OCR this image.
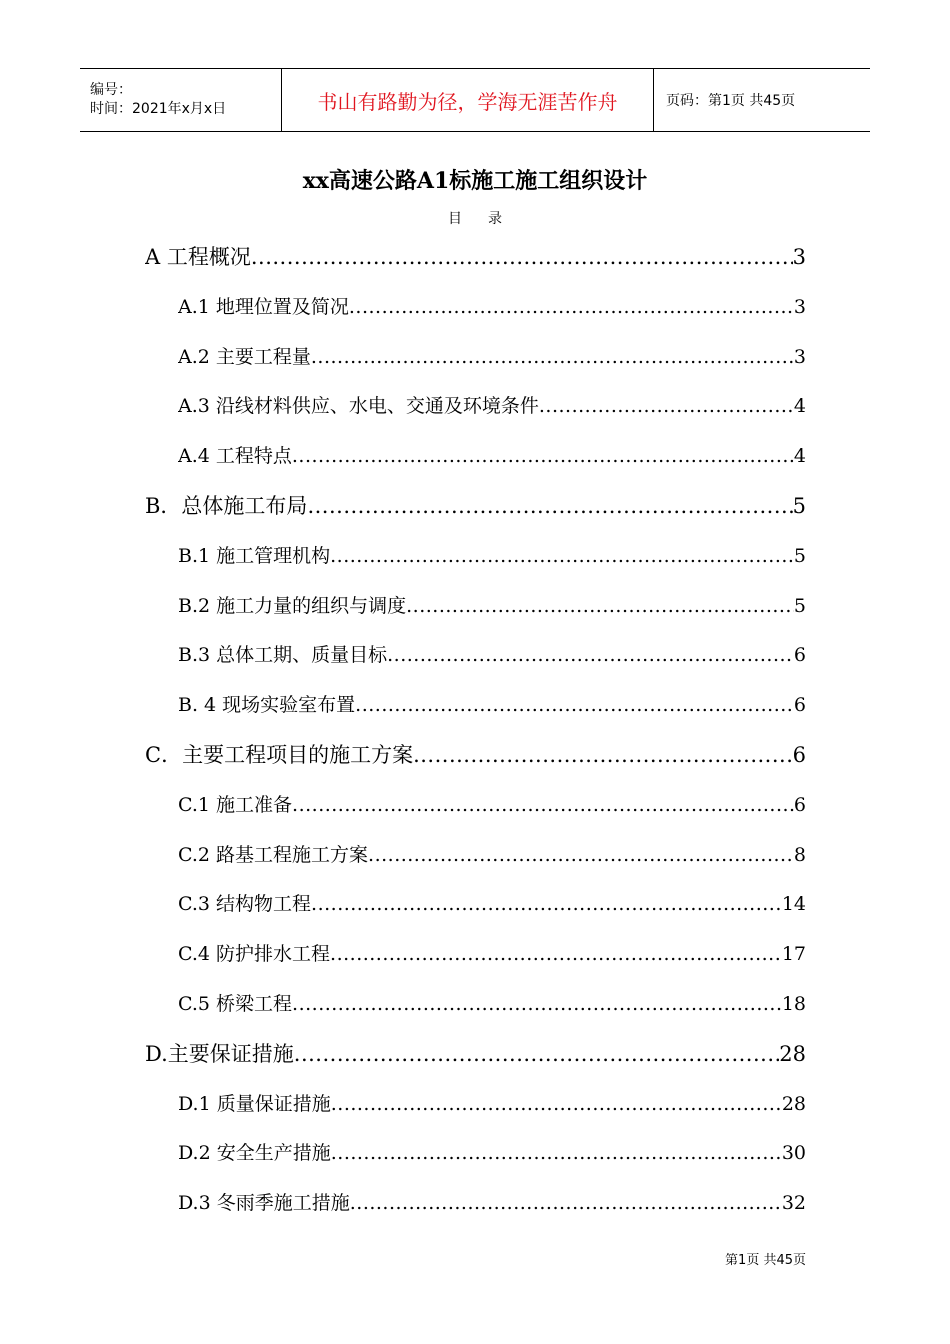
编号：
时间：2021年x月x日	书山有路勤为径，学海无涯苦作舟	页码：第1页 共45页
xx高速公路A1标施工施工组织设计
目录
A 工程概况 .....	3
A.1 地理位置及简况 .....	3
A.2 主要工程量 .....	3
A.3 沿线材料供应、水电、交通及环境条件 .....	4
A.4 工程特点 .....	4
B．总体施工布局 .....	5
B.1 施工管理机构 .....	5
B.2 施工力量的组织与调度 .....	5
B.3 总体工期、质量目标 .....	6
B. 4 现场实验室布置 .....	6
C．主要工程项目的施工方案 .....	6
C.1 施工准备 .....	6
C.2 路基工程施工方案 .....	8
C.3 结构物工程 .....	14
C.4 防护排水工程 .....	17
C.5 桥梁工程 .....	18
D.主要保证措施 .....	28
D.1 质量保证措施 .....	28
D.2 安全生产措施 .....	30
D.3 冬雨季施工措施 .....	32
第1页 共45页
